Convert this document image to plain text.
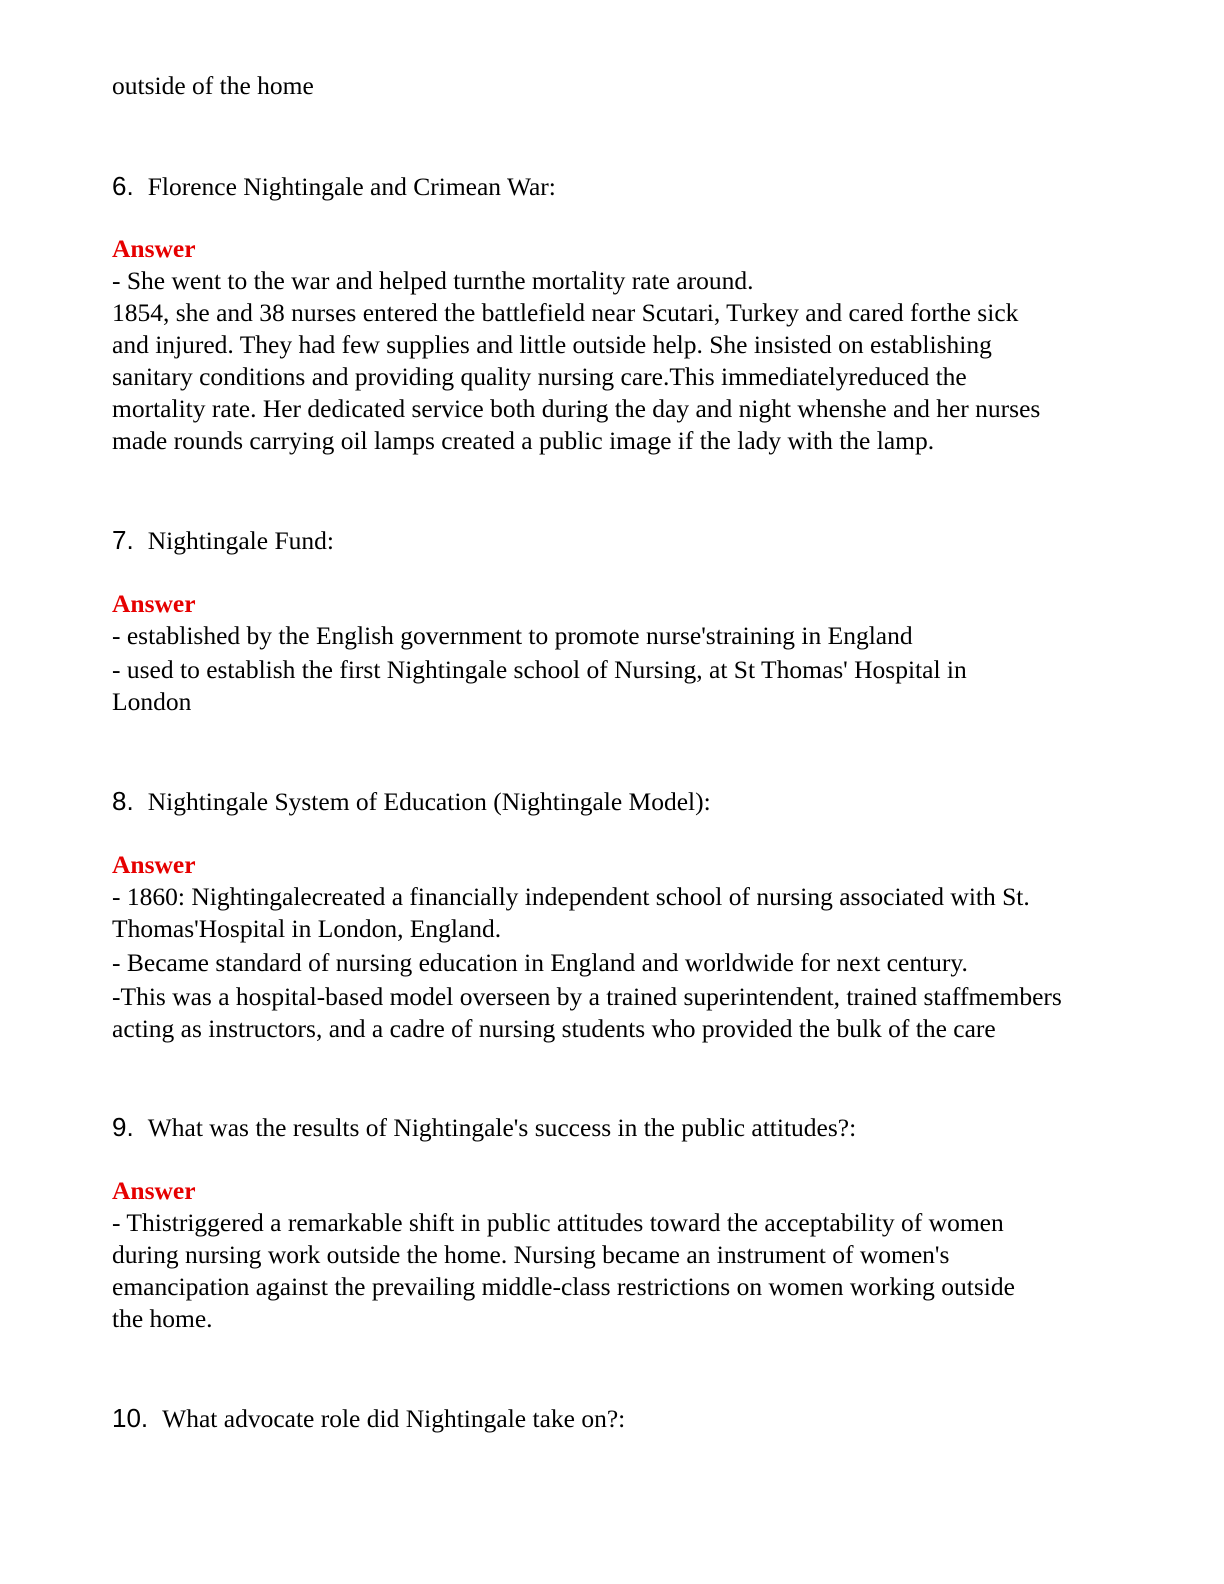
outside of the home
6. Florence Nightingale and Crimean War:
Answer
- She went to the war and helped turnthe mortality rate around.
1854, she and 38 nurses entered the battlefield near Scutari, Turkey and cared forthe sick
and injured. They had few supplies and little outside help. She insisted on establishing
sanitary conditions and providing quality nursing care.This immediatelyreduced the
mortality rate. Her dedicated service both during the day and night whenshe and her nurses
made rounds carrying oil lamps created a public image if the lady with the lamp.
7. Nightingale Fund:
Answer
- established by the English government to promote nurse'straining in England
- used to establish the first Nightingale school of Nursing, at St Thomas' Hospital in
London
8. Nightingale System of Education (Nightingale Model):
Answer
- 1860: Nightingalecreated a financially independent school of nursing associated with St.
Thomas'Hospital in London, England.
- Became standard of nursing education in England and worldwide for next century.
-This was a hospital-based model overseen by a trained superintendent, trained staffmembers
acting as instructors, and a cadre of nursing students who provided the bulk of the care
9. What was the results of Nightingale's success in the public attitudes?:
Answer
- Thistriggered a remarkable shift in public attitudes toward the acceptability of women
during nursing work outside the home. Nursing became an instrument of women's
emancipation against the prevailing middle-class restrictions on women working outside
the home.
10. What advocate role did Nightingale take on?:
